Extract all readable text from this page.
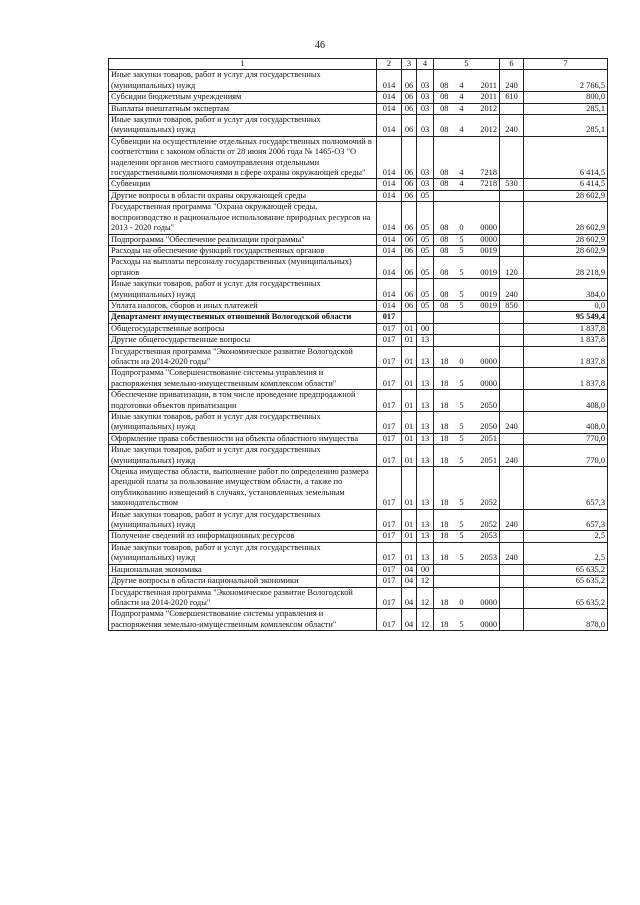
46
1	2	3	4	5			6	7
Иные закупки товаров, работ и услуг для государственных (муниципальных) нужд	014	06	03	08	4	2011	240	2 766,5
Субсидии бюджетным учреждениям	014	06	03	08	4	2011	610	800,0
Выплаты внештатным экспертам	014	06	03	08	4	2012		285,1
Иные закупки товаров, работ и услуг для государственных (муниципальных) нужд	014	06	03	08	4	2012	240	285,1
Субвенции на осуществление отдельных государственных полномочий в соответствии с законом области от 28 июня 2006 года № 1465-ОЗ "О наделении органов местного самоуправления отдельными государственными полномочиями в сфере охраны окружающей среды"	014	06	03	08	4	7218		6 414,5
Субвенции	014	06	03	08	4	7218	530	6 414,5
Другие вопросы в области охраны окружающей среды	014	06	05					28 602,9
Государственная программа "Охрана окружающей среды, воспроизводство и рациональное использование природных ресурсов на 2013 - 2020 годы"	014	06	05	08	0	0000		28 602,9
Подпрограмма "Обеспечение реализации программы"	014	06	05	08	5	0000		28 602,9
Расходы на обеспечение функций государственных органов	014	06	05	08	5	0019		28 602,9
Расходы на выплаты персоналу государственных (муниципальных) органов	014	06	05	08	5	0019	120	28 218,9
Иные закупки товаров, работ и услуг для государственных (муниципальных) нужд	014	06	05	08	5	0019	240	384,0
Уплата налогов, сборов и иных платежей	014	06	05	08	5	0019	850	0,0
Департамент имущественных отношений Вологодской области	017							95 549,4
Общегосударственные вопросы	017	01	00					1 837,8
Другие общегосударственные вопросы	017	01	13					1 837,8
Государственная программа "Экономическое развитие Вологодской области на 2014-2020 годы"	017	01	13	18	0	0000		1 837,8
Подпрограмма "Совершенствование системы управления и распоряжения земельно-имущественным комплексом области"	017	01	13	18	5	0000		1 837,8
Обеспечение приватизации, в том числе проведение предпродажной подготовки объектов приватизации	017	01	13	18	5	2050		408,0
Иные закупки товаров, работ и услуг для государственных (муниципальных) нужд	017	01	13	18	5	2050	240	408,0
Оформление права собственности на объекты областного имущества	017	01	13	18	5	2051		770,0
Иные закупки товаров, работ и услуг для государственных (муниципальных) нужд	017	01	13	18	5	2051	240	770,0
Оценка имущества области, выполнение работ по определению размера арендной платы за пользование имуществом области, а также по опубликованию извещений в случаях, установленных земельным законодательством	017	01	13	18	5	2052		657,3
Иные закупки товаров, работ и услуг для государственных (муниципальных) нужд	017	01	13	18	5	2052	240	657,3
Получение сведений из информационных ресурсов	017	01	13	18	5	2053		2,5
Иные закупки товаров, работ и услуг для государственных (муниципальных) нужд	017	01	13	18	5	2053	240	2,5
Национальная экономика	017	04	00					65 635,2
Другие вопросы в области национальной экономики	017	04	12					65 635,2
Государственная программа "Экономическое развитие Вологодской области на 2014-2020 годы"	017	04	12	18	0	0000		65 635,2
Подпрограмма "Совершенствование системы управления и распоряжения земельно-имущественным комплексом области"	017	04	12	18	5	0000		878,0
